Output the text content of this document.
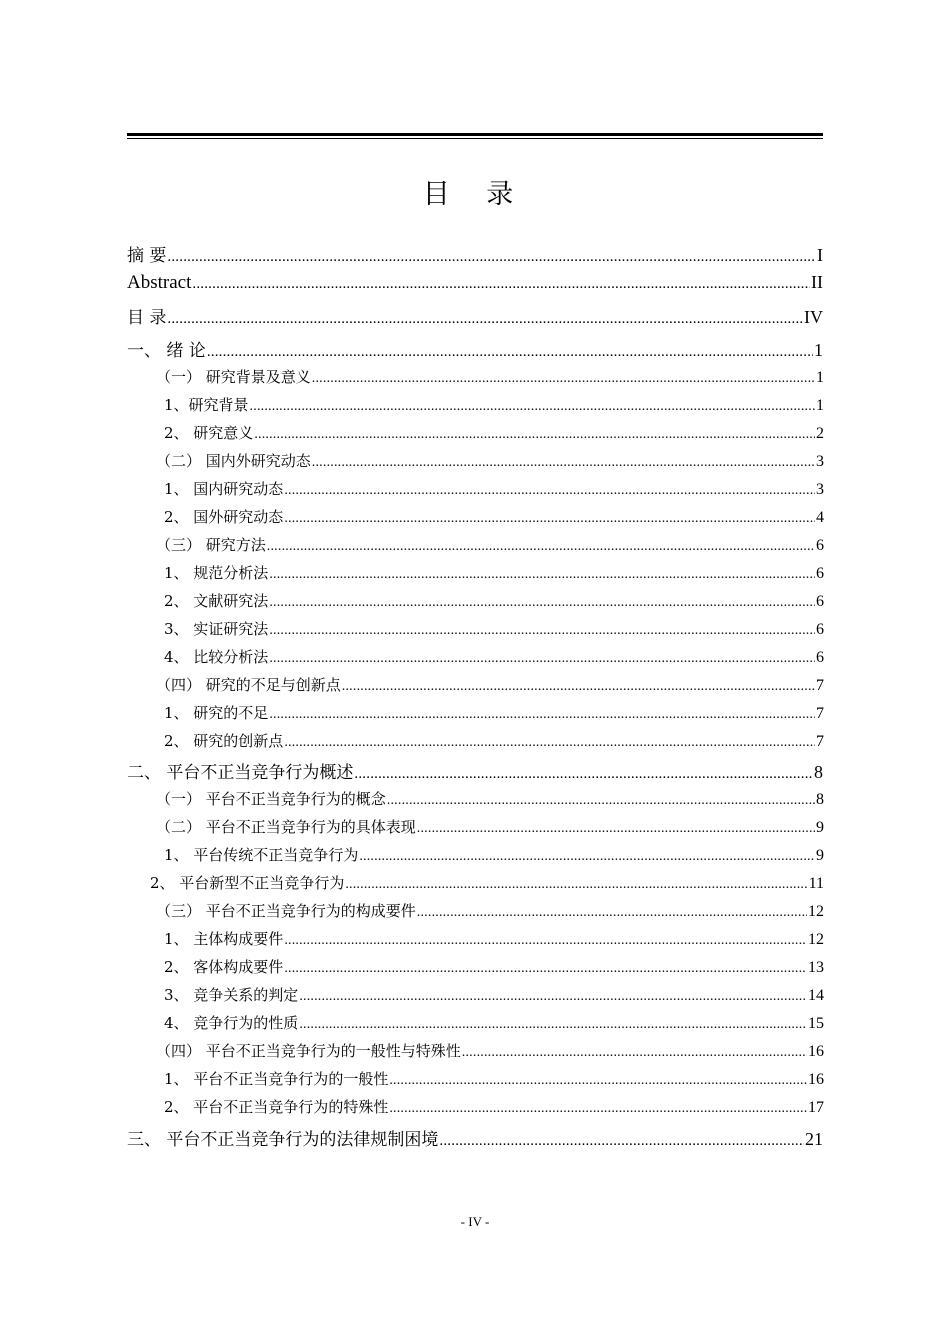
目 录
摘 要 .....	I
Abstract .....	II
目 录 .....	IV
一、 绪 论 .....	1
（一） 研究背景及意义 .....	1
1、研究背景 .....	1
2、 研究意义 .....	2
（二） 国内外研究动态 .....	3
1、 国内研究动态 .....	3
2、 国外研究动态 .....	4
（三） 研究方法 .....	6
1、 规范分析法 .....	6
2、 文献研究法 .....	6
3、 实证研究法 .....	6
4、 比较分析法 .....	6
（四） 研究的不足与创新点 .....	7
1、 研究的不足 .....	7
2、 研究的创新点 .....	7
二、 平台不正当竞争行为概述 .....	8
（一） 平台不正当竞争行为的概念 .....	8
（二） 平台不正当竞争行为的具体表现 .....	9
1、 平台传统不正当竞争行为 .....	9
2、 平台新型不正当竞争行为 .....	11
（三） 平台不正当竞争行为的构成要件 .....	12
1、 主体构成要件 .....	12
2、 客体构成要件 .....	13
3、 竞争关系的判定 .....	14
4、 竞争行为的性质 .....	15
（四） 平台不正当竞争行为的一般性与特殊性 .....	16
1、 平台不正当竞争行为的一般性 .....	16
2、 平台不正当竞争行为的特殊性 .....	17
三、 平台不正当竞争行为的法律规制困境 .....	21
- IV -
